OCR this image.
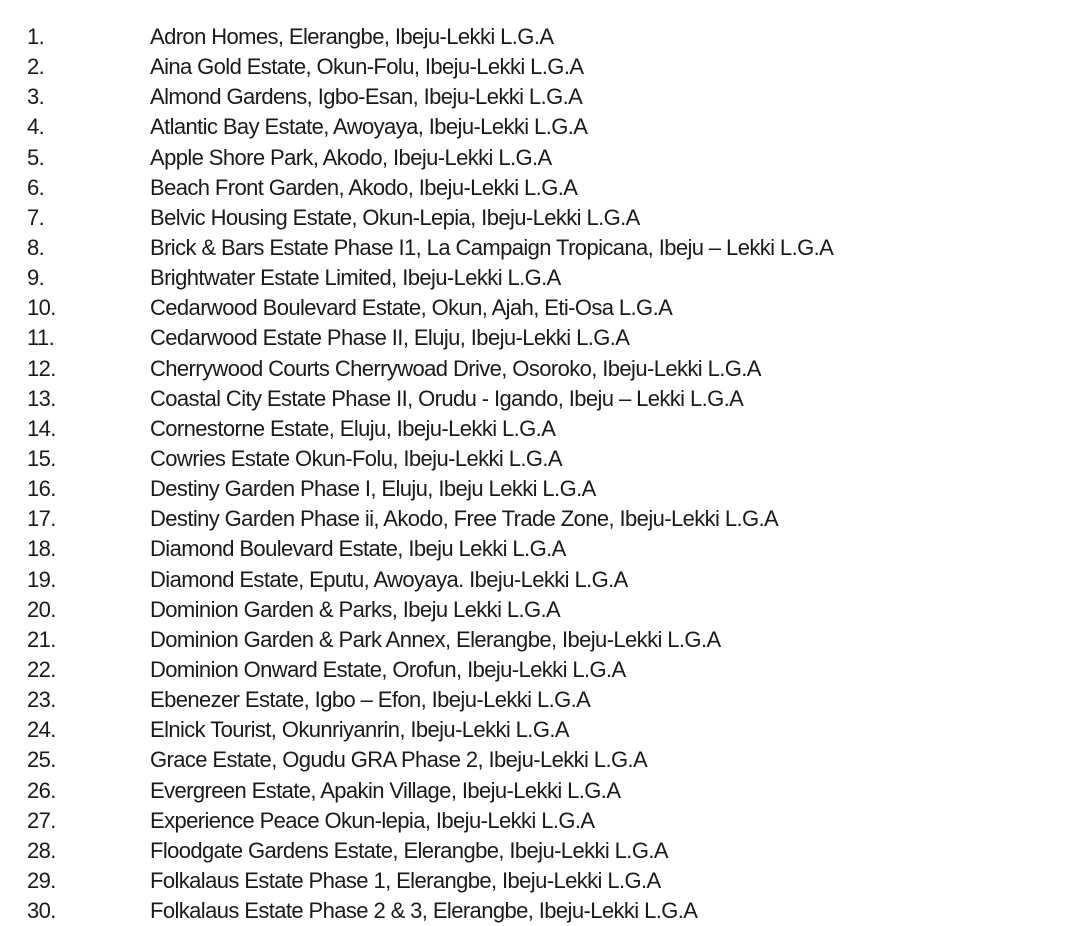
1.	Adron Homes, Elerangbe, Ibeju-Lekki L.G.A
2.	Aina Gold Estate, Okun-Folu, Ibeju-Lekki L.G.A
3.	Almond Gardens, Igbo-Esan, Ibeju-Lekki L.G.A
4.	Atlantic Bay Estate, Awoyaya, Ibeju-Lekki L.G.A
5.	Apple Shore Park, Akodo, Ibeju-Lekki L.G.A
6.	Beach Front Garden, Akodo, Ibeju-Lekki L.G.A
7.	Belvic Housing Estate, Okun-Lepia, Ibeju-Lekki L.G.A
8.	Brick & Bars Estate Phase I1, La Campaign Tropicana, Ibeju – Lekki L.G.A
9.	Brightwater Estate Limited, Ibeju-Lekki L.G.A
10.	Cedarwood Boulevard Estate, Okun, Ajah, Eti-Osa L.G.A
11.	Cedarwood Estate Phase II, Eluju, Ibeju-Lekki L.G.A
12.	Cherrywood Courts Cherrywoad Drive, Osoroko, Ibeju-Lekki L.G.A
13.	Coastal City Estate Phase II, Orudu - Igando, Ibeju – Lekki L.G.A
14.	Cornestorne Estate, Eluju, Ibeju-Lekki L.G.A
15.	Cowries Estate Okun-Folu, Ibeju-Lekki L.G.A
16.	Destiny Garden Phase I, Eluju, Ibeju Lekki L.G.A
17.	Destiny Garden Phase ii, Akodo, Free Trade Zone, Ibeju-Lekki L.G.A
18.	Diamond Boulevard Estate, Ibeju Lekki L.G.A
19.	Diamond Estate, Eputu, Awoyaya. Ibeju-Lekki L.G.A
20.	Dominion Garden & Parks, Ibeju Lekki L.G.A
21.	Dominion Garden & Park Annex, Elerangbe, Ibeju-Lekki L.G.A
22.	Dominion Onward Estate, Orofun, Ibeju-Lekki L.G.A
23.	Ebenezer Estate, Igbo – Efon, Ibeju-Lekki L.G.A
24.	Elnick Tourist, Okunriyanrin, Ibeju-Lekki L.G.A
25.	Grace Estate, Ogudu GRA Phase 2, Ibeju-Lekki L.G.A
26.	Evergreen Estate, Apakin Village, Ibeju-Lekki L.G.A
27.	Experience Peace Okun-lepia, Ibeju-Lekki L.G.A
28.	Floodgate Gardens Estate, Elerangbe, Ibeju-Lekki L.G.A
29.	Folkalaus Estate Phase 1, Elerangbe, Ibeju-Lekki L.G.A
30.	Folkalaus Estate Phase 2 & 3, Elerangbe, Ibeju-Lekki L.G.A
